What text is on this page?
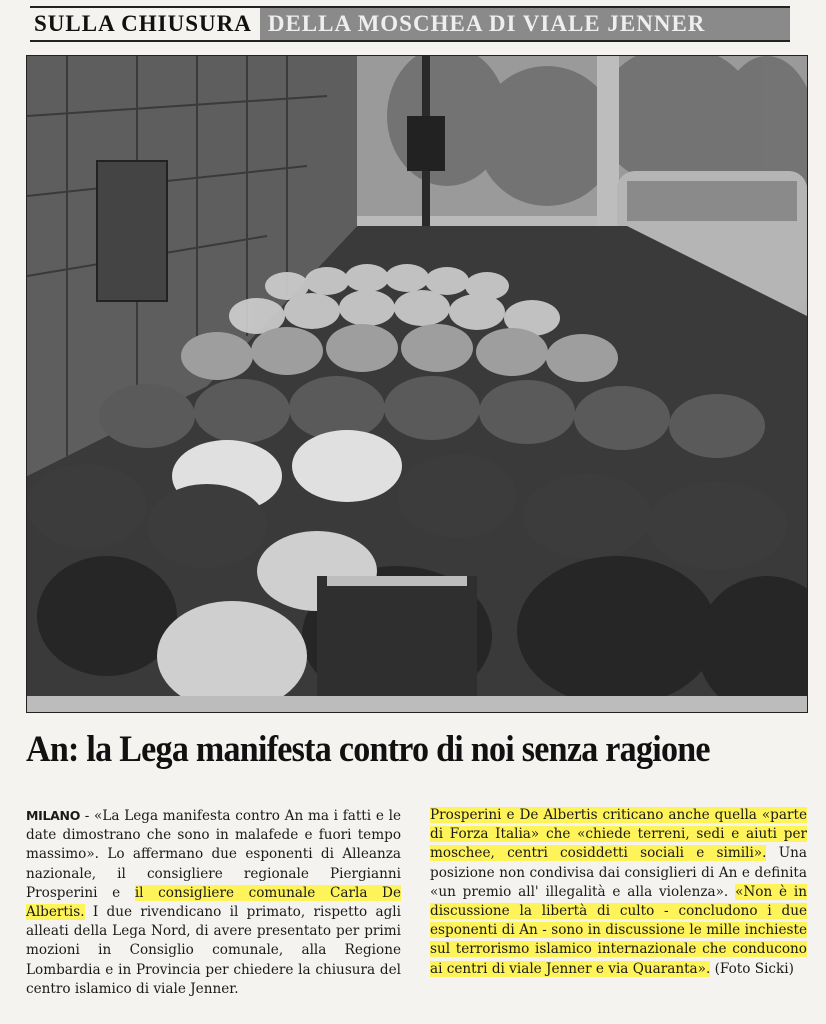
SULLA CHIUSURA DELLA MOSCHEA DI VIALE JENNER
An: la Lega manifesta contro di noi senza ragione
MILANO - «La Lega manifesta contro An ma i fatti e le date dimostrano che sono in malafede e fuori tempo massimo». Lo affermano due esponenti di Alleanza nazionale, il consigliere regionale Piergianni Prosperini e il consigliere comunale Carla De Albertis. I due rivendicano il primato, rispetto agli alleati della Lega Nord, di avere presentato per primi mozioni in Consiglio comunale, alla Regione Lombardia e in Provincia per chiedere la chiusura del centro islamico di viale Jenner.
Prosperini e De Albertis criticano anche quella «parte di Forza Italia» che «chiede terreni, sedi e aiuti per moschee, centri cosiddetti sociali e simili». Una posizione non condivisa dai consiglieri di An e definita «un premio all' illegalità e alla violenza». «Non è in discussione la libertà di culto - concludono i due esponenti di An - sono in discussione le mille inchieste sul terrorismo islamico internazionale che conducono ai centri di viale Jenner e via Quaranta». (Foto Sicki)
